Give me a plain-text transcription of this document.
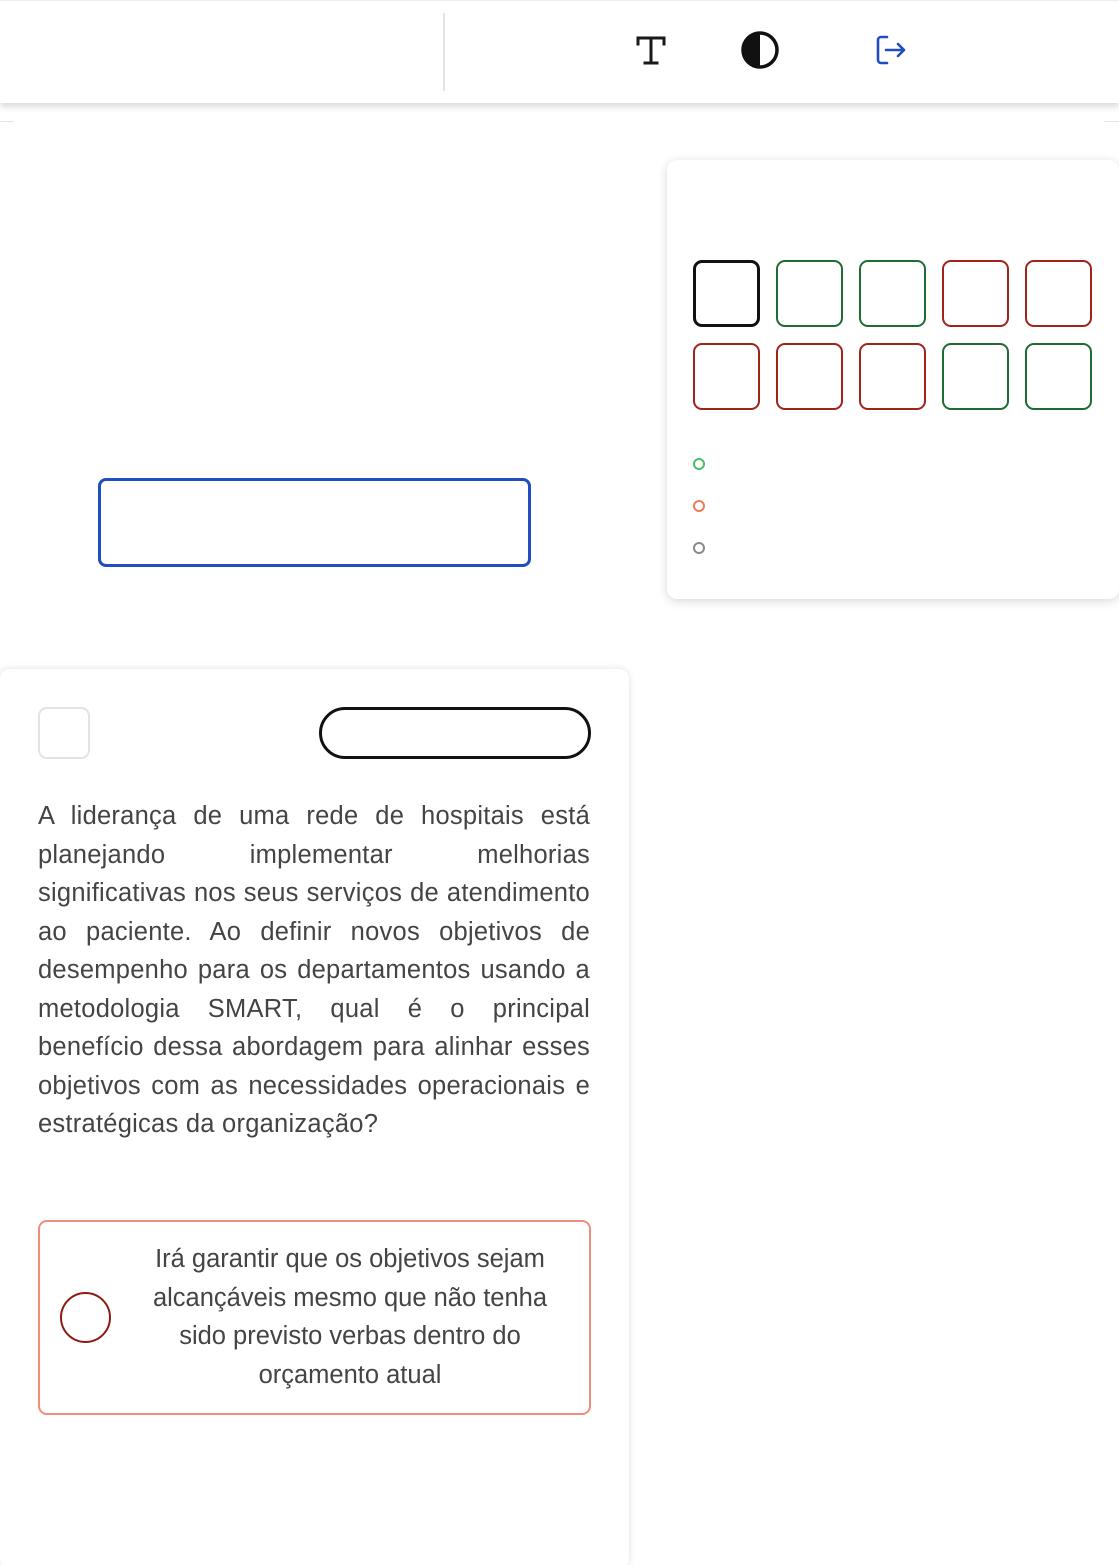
A liderança de uma rede de hospitais está planejando implementar melhorias significativas nos seus serviços de atendimento ao paciente. Ao definir novos objetivos de desempenho para os departamentos usando a metodologia SMART, qual é o principal benefício dessa abordagem para alinhar esses objetivos com as necessidades operacionais e estratégicas da organização?

Irá garantir que os objetivos sejam alcançáveis mesmo que não tenha sido previsto verbas dentro do orçamento atual
